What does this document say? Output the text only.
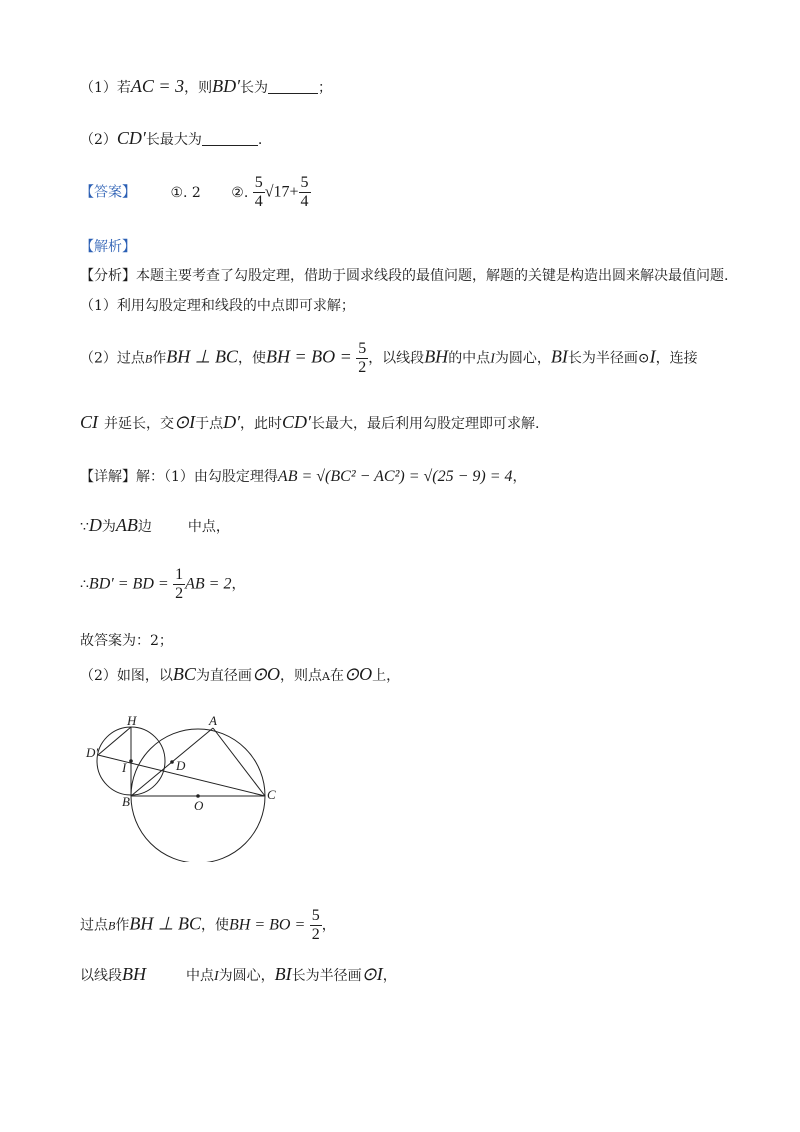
（1）若AC = 3，则BD′长为	；
（2）CD′长最大为	.
【答案】 ①. 2 ②. $\frac{5}{4} √17+ \frac{5}{4}$
【解析】
【分析】本题主要考查了勾股定理，借助于圆求线段的最值问题，解题的关键是构造出圆来解决最值问题.
（1）利用勾股定理和线段的中点即可求解；
（2）过点B作BH ⊥ BC，使BH = BO = $\frac{5}{2}$ ，以线段BH的中点I为圆心，BI长为半径画⊙I，连接
CI 并延长，交⊙I于点D′，此时CD′长最大，最后利用勾股定理即可求解.
【详解】解：（1）由勾股定理得AB = √(BC² − AC²) = √(25 − 9) = 4，
∵D为AB边	中点，
∴BD′ = BD = $\frac{1}{2}$ AB = 2，
故答案为：2；
（2）如图，以BC为直径画⊙O，则点A在⊙O上，
H	A
D′
I	D
B	O
C
过点B作BH ⊥ BC，使BH = BO = $\frac{5}{2}$ ，
以线段BH	中点I为圆心，BI长为半径画⊙I，
